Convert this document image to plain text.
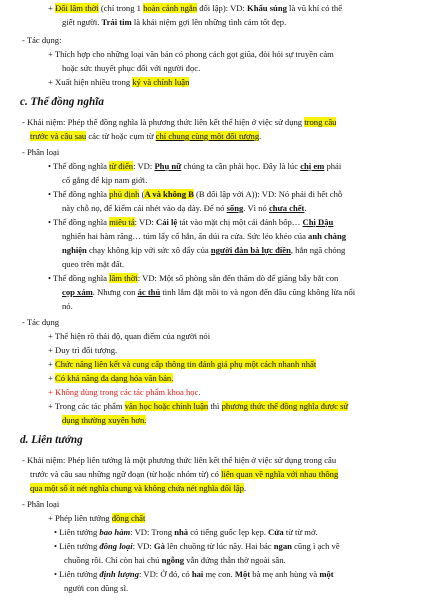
+ Đối lâm thời (chỉ trong 1 hoàn cảnh ngắn đối lập): VD: Khẩu súng là vũ khí có thể
giết người. Trái tim là khái niệm gợi lên những tình cảm tốt đẹp.
- Tác dụng:
+ Thích hợp cho những loại văn bản có phong cách gọt giũa, đòi hỏi sự truyền cảm
hoặc sức thuyết phục đối với người đọc.
+ Xuất hiện nhiều trong ký và chính luận
c. Thể đồng nghĩa
- Khái niệm: Phép thế đồng nghĩa là phương thức liên kết thể hiện ở việc sử dụng trong câu
trước và câu sau các từ hoặc cụm từ chỉ chung cùng một đối tượng.
- Phân loại
• Thể đồng nghĩa từ điển: VD: Phụ nữ chúng ta cần phải học. Đây là lúc chị em phải
cố gắng để kịp nam giới.
• Thể đồng nghĩa phủ định (A và không B (B đối lập với A)): VD: Nó phải đi hết chỗ
này chỗ nọ, để kiểm cái nhét vào dạ dày. Để nó sống. Vì nó chưa chết.
• Thể đồng nghĩa miêu tả: VD: Cái lệ tát vào mặt chị một cái đánh bốp… Chị Dậu
nghiến hai hàm răng… túm lấy cổ hắn, ấn dúi ra cửa. Sức lẻo khẻo của anh chàng
nghiện chạy không kịp với sức xô đẩy của người đàn bà lực điền, hắn ngã chỏng
queo trên mặt đất.
• Thể đồng nghĩa lâm thời: VD: Một số phòng sẵn đến thăm dò để giăng bẫy bắt con
cọp xám. Nhưng con ác thú tinh lắm đặt mồi to và ngon đến đâu cũng không lừa nổi
nó.
- Tác dụng
+ Thể hiện rõ thái độ, quan điểm của người nói
+ Duy trì đối tượng.
+ Chức năng liên kết và cung cấp thông tin đánh giá phụ một cách nhanh nhất
+ Có khả năng đa dạng hóa văn bản.
+ Không dùng trong các tác phẩm khoa học.
+ Trong các tác phẩm văn học hoặc chính luận thì phương thức thế đồng nghĩa được sử
dụng thường xuyên hơn.
d. Liên tưởng
- Khái niệm: Phép liên tưởng là một phương thức liên kết thể hiện ở việc sử dụng trong câu
trước và câu sau những ngữ đoạn (từ hoặc nhóm từ) có liên quan về nghĩa với nhau thông
qua một số ít nét nghĩa chung và không chứa nét nghĩa đối lập.
- Phân loại
+ Phép liên tưởng đồng chất
• Liên tưởng bao hàm: VD: Trong nhà có tiếng guốc lẹp kẹp. Cửa từ từ mở.
• Liên tưởng đồng loại: VD: Gà lên chuồng từ lúc nãy. Hai bác ngan cũng ì ạch về
chuồng rồi. Chỉ còn hai chú ngỗng vẫn đứng thẫn thờ ngoài sân.
• Liên tưởng định lượng: VD: Ở đó, có hai mẹ con. Một bà mẹ anh hùng và một
người con dũng sĩ.
